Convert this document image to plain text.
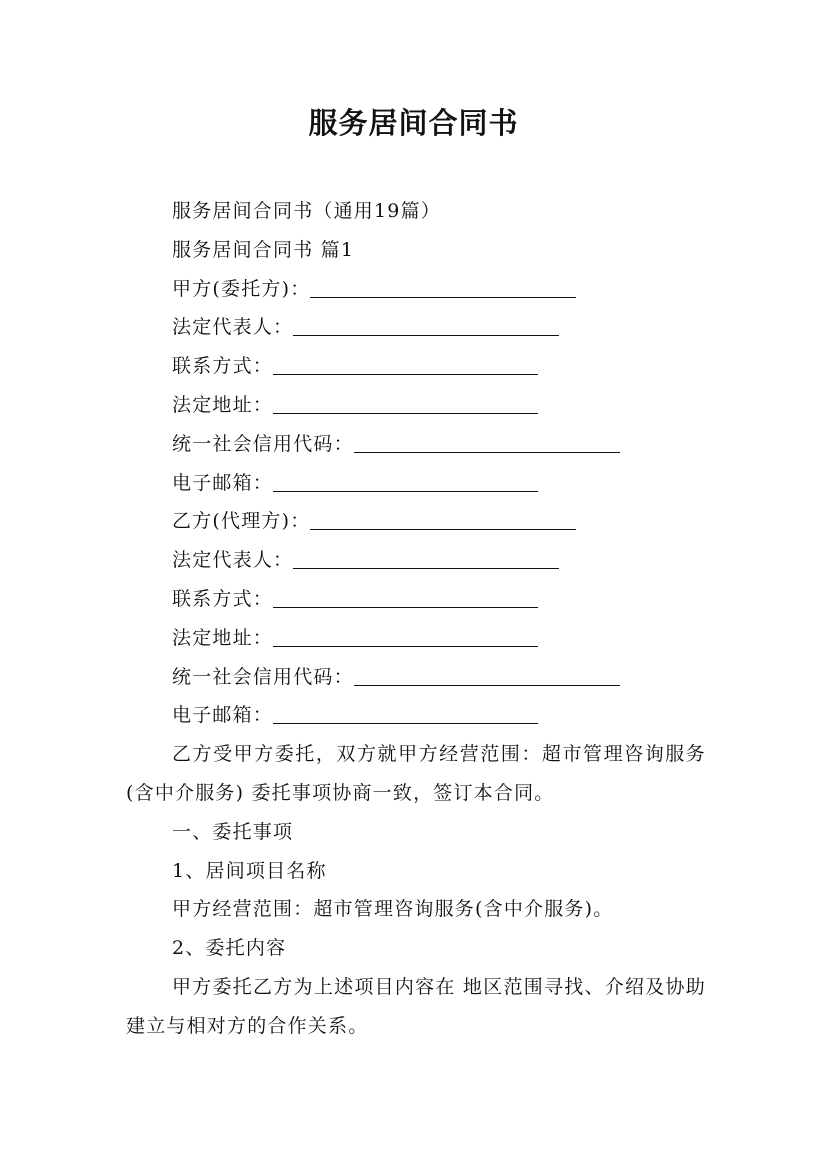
服务居间合同书
服务居间合同书（通用19篇）
服务居间合同书 篇1
甲方(委托方)：
法定代表人：
联系方式：
法定地址：
统一社会信用代码：
电子邮箱：
乙方(代理方)：
法定代表人：
联系方式：
法定地址：
统一社会信用代码：
电子邮箱：
乙方受甲方委托，双方就甲方经营范围：超市管理咨询服务(含中介服务) 委托事项协商一致，签订本合同。
一、委托事项
1、居间项目名称
甲方经营范围：超市管理咨询服务(含中介服务)。
2、委托内容
甲方委托乙方为上述项目内容在 地区范围寻找、介绍及协助建立与相对方的合作关系。
